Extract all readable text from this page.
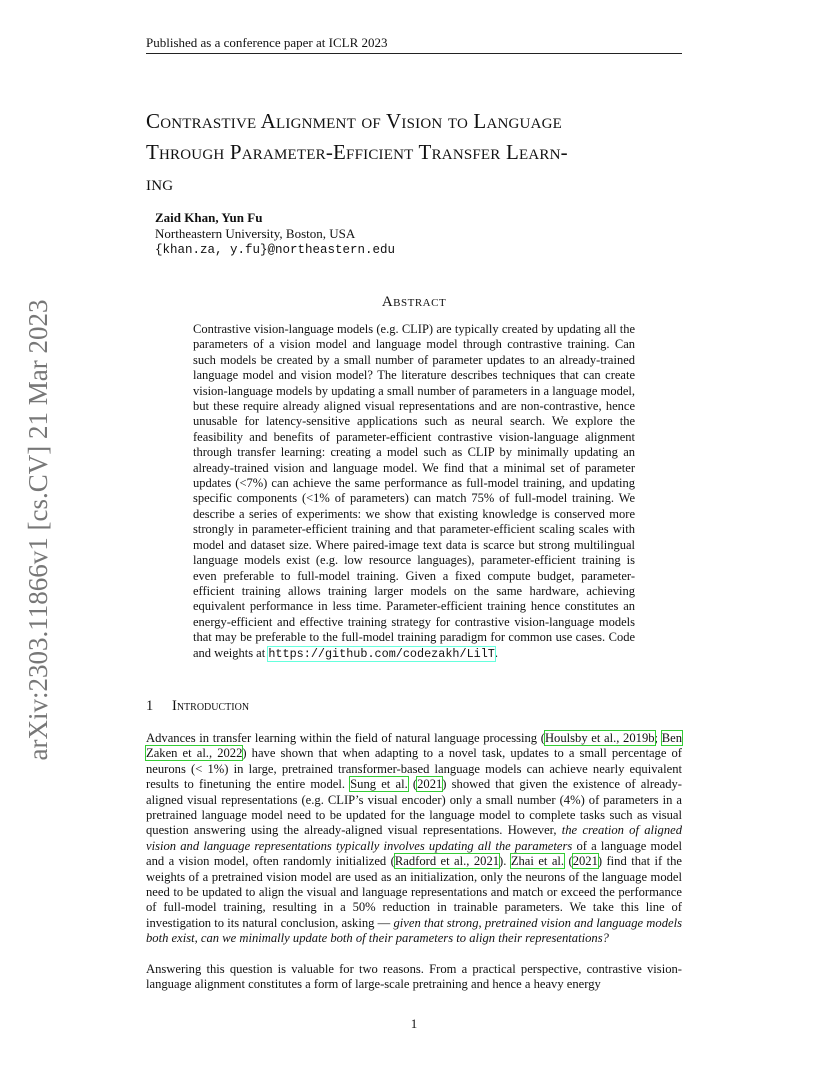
Published as a conference paper at ICLR 2023
Contrastive Alignment of Vision to Language
Through Parameter-Efficient Transfer Learn-
ing
Zaid Khan, Yun Fu
Northeastern University, Boston, USA
{khan.za, y.fu}@northeastern.edu
arXiv:2303.11866v1 [cs.CV] 21 Mar 2023	Abstract
Contrastive vision-language models (e.g. CLIP) are typically created by updating all the parameters of a vision model and language model through contrastive training. Can such models be created by a small number of parameter updates to an already-trained language model and vision model? The literature describes techniques that can create vision-language models by updating a small number of parameters in a language model, but these require already aligned visual representations and are non-contrastive, hence unusable for latency-sensitive applications such as neural search. We explore the feasibility and benefits of parameter-efficient contrastive vision-language alignment through transfer learning: creating a model such as CLIP by minimally updating an already-trained vision and language model. We find that a minimal set of parameter updates (<7%) can achieve the same performance as full-model training, and updating specific components (<1% of parameters) can match 75% of full-model training. We describe a series of experiments: we show that existing knowledge is conserved more strongly in parameter-efficient training and that parameter-efficient scaling scales with model and dataset size. Where paired-image text data is scarce but strong multilingual language models exist (e.g. low resource languages), parameter-efficient training is even preferable to full-model training. Given a fixed compute budget, parameter-efficient training allows training larger models on the same hardware, achieving equivalent performance in less time. Parameter-efficient training hence constitutes an energy-efficient and effective training strategy for contrastive vision-language models that may be preferable to the full-model training paradigm for common use cases. Code and weights at https://github.com/codezakh/LilT.
1 Introduction
Advances in transfer learning within the field of natural language processing (Houlsby et al., 2019b; Ben Zaken et al., 2022) have shown that when adapting to a novel task, updates to a small percentage of neurons (< 1%) in large, pretrained transformer-based language models can achieve nearly equivalent results to finetuning the entire model. Sung et al. (2021) showed that given the existence of already-aligned visual representations (e.g. CLIP’s visual encoder) only a small number (4%) of parameters in a pretrained language model need to be updated for the language model to complete tasks such as visual question answering using the already-aligned visual representations. However, the creation of aligned vision and language representations typically involves updating all the parameters of a language model and a vision model, often randomly initialized (Radford et al., 2021). Zhai et al. (2021) find that if the weights of a pretrained vision model are used as an initialization, only the neurons of the language model need to be updated to align the visual and language representations and match or exceed the performance of full-model training, resulting in a 50% reduction in trainable parameters. We take this line of investigation to its natural conclusion, asking — given that strong, pretrained vision and language models both exist, can we minimally update both of their parameters to align their representations?
Answering this question is valuable for two reasons. From a practical perspective, contrastive vision-language alignment constitutes a form of large-scale pretraining and hence a heavy energy
1
